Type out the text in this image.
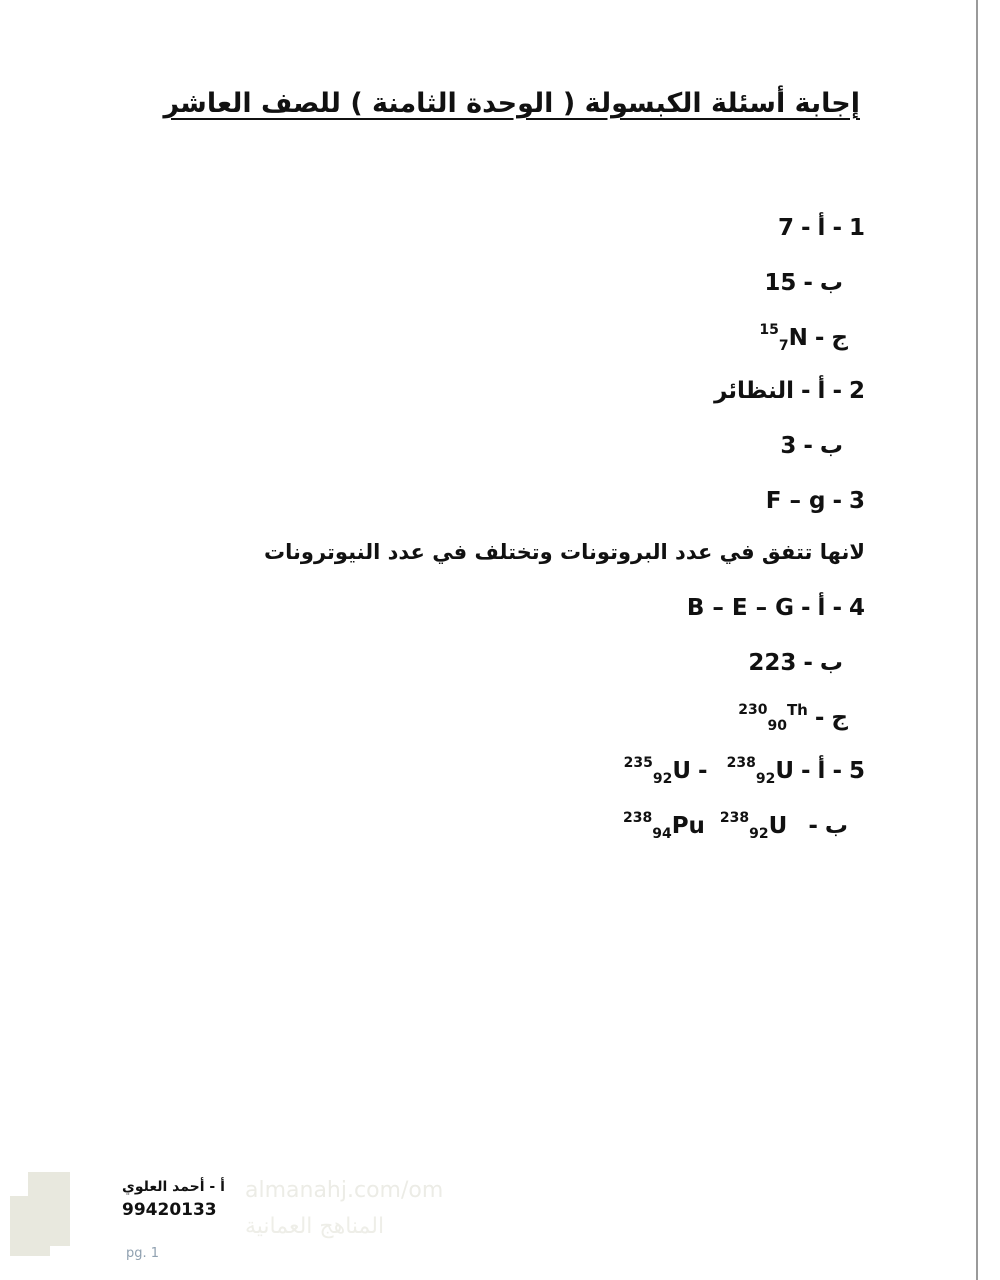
إجابة أسئلة الكبسولة ( الوحدة الثامنة ) للصف العاشر
1
-
أ
-
7
ب
-
15
ج
-
157N
2
-
أ
-
النظائر
ب
-
3
3
-
F – g
لانها تتفق في عدد البروتونات وتختلف في عدد النيوترونات
4
-
أ
-
B – E – G
ب
-
223
ج
-
23090Th
5
-
أ
-
23892U
-
23592U
ب
-
23892U
23894Pu
almanahj.com/om
المناهج العمانية
أ - أحمد العلوي
99420133
pg. 1
